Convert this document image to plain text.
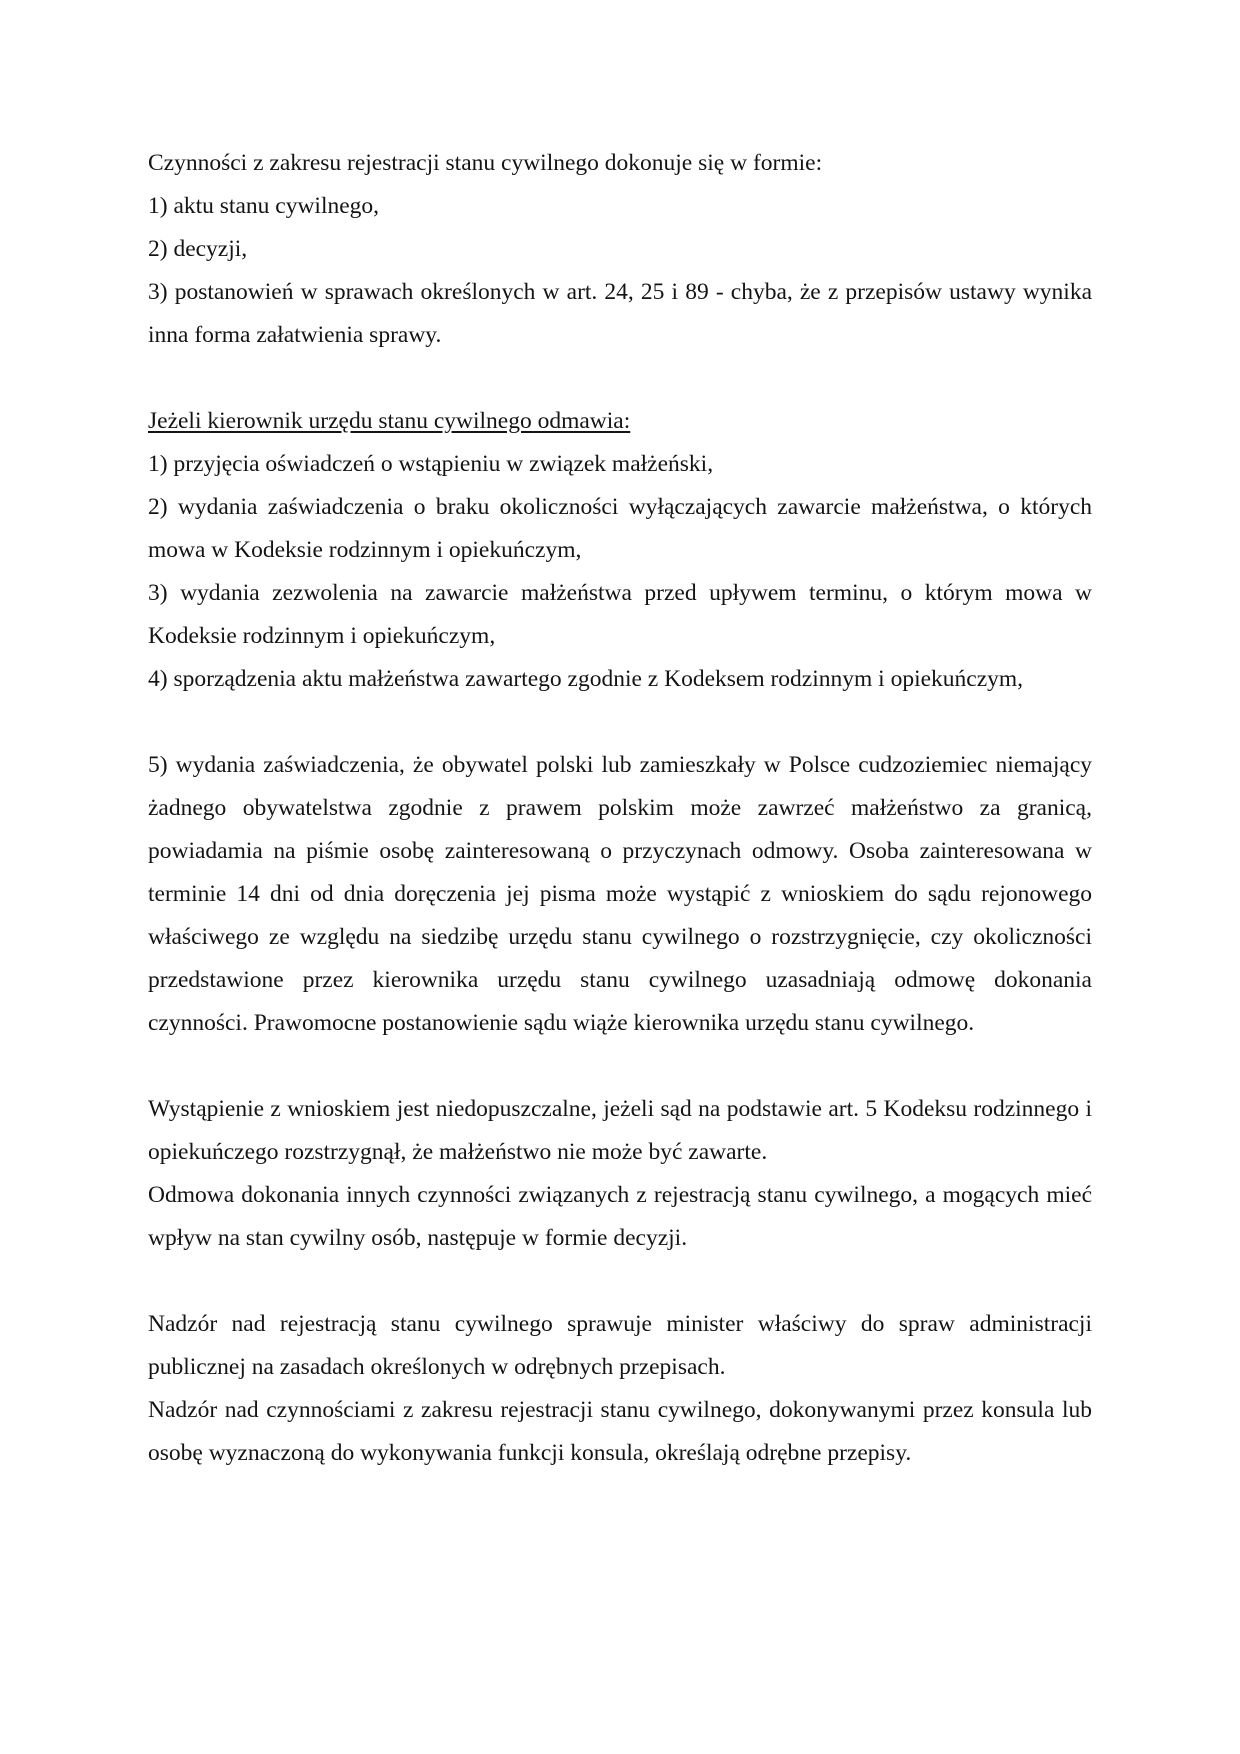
Czynności z zakresu rejestracji stanu cywilnego dokonuje się w formie:

1) aktu stanu cywilnego,

2) decyzji,

3) postanowień w sprawach określonych w art. 24, 25 i 89 - chyba, że z przepisów ustawy wynika inna forma załatwienia sprawy.

Jeżeli kierownik urzędu stanu cywilnego odmawia:

1) przyjęcia oświadczeń o wstąpieniu w związek małżeński,

2) wydania zaświadczenia o braku okoliczności wyłączających zawarcie małżeństwa, o których mowa w Kodeksie rodzinnym i opiekuńczym,

3) wydania zezwolenia na zawarcie małżeństwa przed upływem terminu, o którym mowa w Kodeksie rodzinnym i opiekuńczym,

4) sporządzenia aktu małżeństwa zawartego zgodnie z Kodeksem rodzinnym i opiekuńczym,

5) wydania zaświadczenia, że obywatel polski lub zamieszkały w Polsce cudzoziemiec niemający żadnego obywatelstwa zgodnie z prawem polskim może zawrzeć małżeństwo za granicą, powiadamia na piśmie osobę zainteresowaną o przyczynach odmowy. Osoba zainteresowana w terminie 14 dni od dnia doręczenia jej pisma może wystąpić z wnioskiem do sądu rejonowego właściwego ze względu na siedzibę urzędu stanu cywilnego o rozstrzygnięcie, czy okoliczności przedstawione przez kierownika urzędu stanu cywilnego uzasadniają odmowę dokonania czynności. Prawomocne postanowienie sądu wiąże kierownika urzędu stanu cywilnego.

Wystąpienie z wnioskiem jest niedopuszczalne, jeżeli sąd na podstawie art. 5 Kodeksu rodzinnego i opiekuńczego rozstrzygnął, że małżeństwo nie może być zawarte.

Odmowa dokonania innych czynności związanych z rejestracją stanu cywilnego, a mogących mieć wpływ na stan cywilny osób, następuje w formie decyzji.

Nadzór nad rejestracją stanu cywilnego sprawuje minister właściwy do spraw administracji publicznej na zasadach określonych w odrębnych przepisach.

Nadzór nad czynnościami z zakresu rejestracji stanu cywilnego, dokonywanymi przez konsula lub osobę wyznaczoną do wykonywania funkcji konsula, określają odrębne przepisy.
